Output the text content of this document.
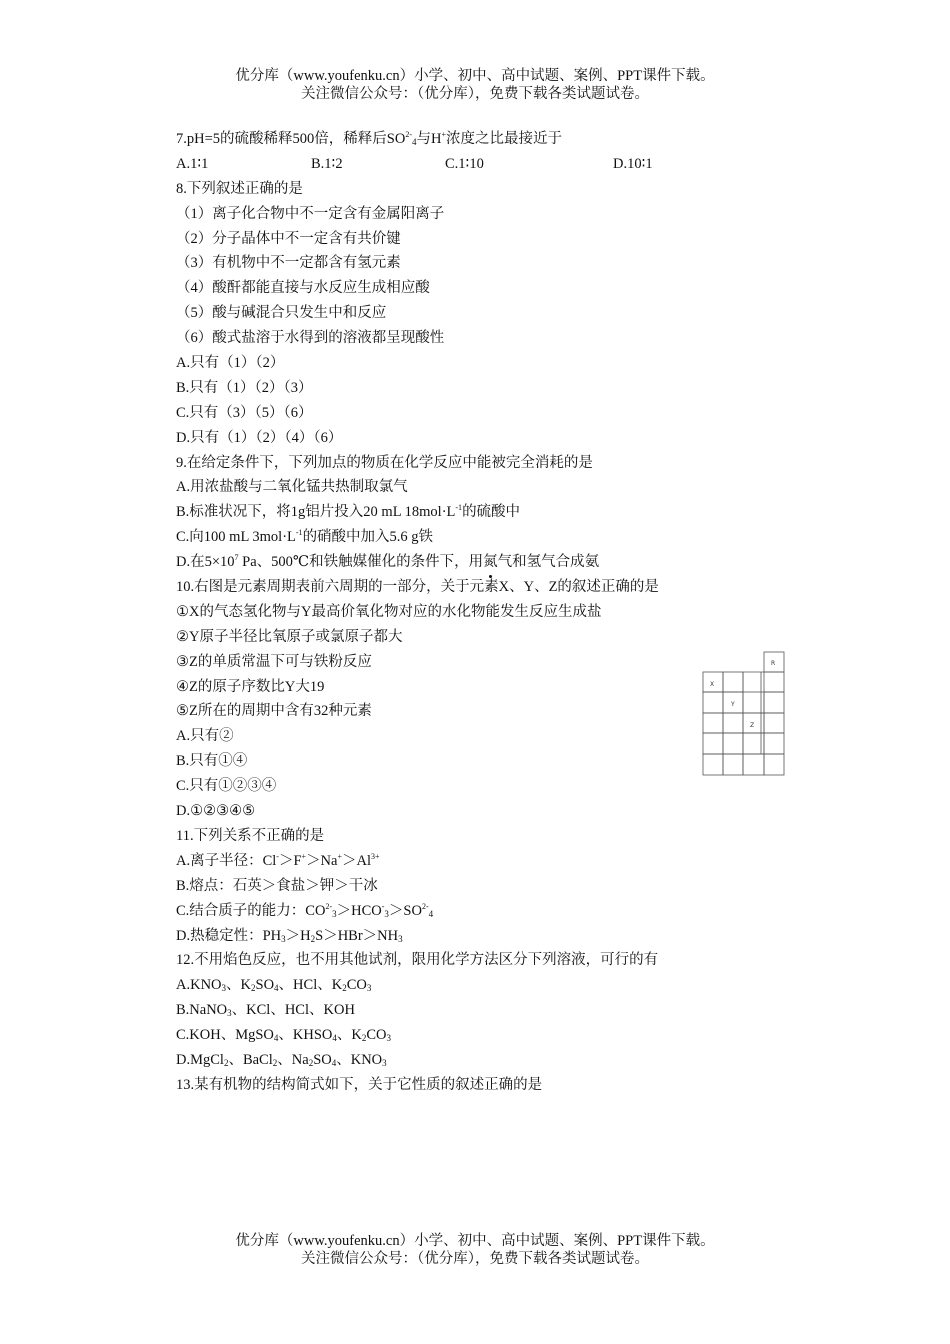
优分库（www.youfenku.cn）小学、初中、高中试题、案例、PPT课件下载。
关注微信公众号：（优分库），免费下载各类试题试卷。
7.pH=5的硫酸稀释500倍，稀释后$SO^{2-}_4$与H+浓度之比最接近于
A.1∶1	B.1∶2	C.1∶10	D.10∶1
8.下列叙述正确的是
（1）离子化合物中不一定含有金属阳离子
（2）分子晶体中不一定含有共价键
（3）有机物中不一定都含有氢元素
（4）酸酐都能直接与水反应生成相应酸
（5）酸与碱混合只发生中和反应
（6）酸式盐溶于水得到的溶液都呈现酸性
A.只有（1）（2）
B.只有（1）（2）（3）
C.只有（3）（5）（6）
D.只有（1）（2）（4）（6）
9.在给定条件下，下列加点的物质在化学反应中能被完全消耗的是
A.用浓盐酸与二氧化锰共热制取氯气
B.标准状况下，将1g铝片投入20 mL $18mol\cdot L^{-1}$的硫酸中
C.向100 mL $3mol\cdot L^{-1}$的硝酸中加入5.6 g铁
D.在$5\times 10^7$ Pa、500℃和铁触媒催化的条件下，用氮气和氢气合成氨
10.右图是元素周期表前六周期的一部分，关于元素X、Y、Z的叙述正确的是
①X的气态氢化物与Y最高价氧化物对应的水化物能发生反应生成盐
②Y原子半径比氧原子或氯原子都大
③Z的单质常温下可与铁粉反应
④Z的原子序数比Y大19
⑤Z所在的周期中含有32种元素
A.只有②
B.只有①④
C.只有①②③④
D.①②③④⑤
11.下列关系不正确的是
A.离子半径：$Cl^->F^+>Na^+>Al^{3+}$
B.熔点：石英＞食盐＞钾＞干冰
C.结合质子的能力：$CO^{2-}_3>HCO^-_3>SO^{2-}_4$
D.热稳定性：$PH_3>H_2S>HBr>NH_3$
12.不用焰色反应，也不用其他试剂，限用化学方法区分下列溶液，可行的有
$A.KNO_3$、$K_2SO_4$、HCl、$K_2CO_3$
B.NaNO$_3$、KCl、HCl、KOH
C.KOH、MgSO$_4$、$KHSO_4$、$K_2CO_3$
D.MgCl$_2$、BaCl$_2$、$Na_2SO_4$、$KNO_3$
13.某有机物的结构简式如下，关于它性质的叙述正确的是
R
X
Y
Z
优分库（www.youfenku.cn）小学、初中、高中试题、案例、PPT课件下载。
关注微信公众号：（优分库），免费下载各类试题试卷。
